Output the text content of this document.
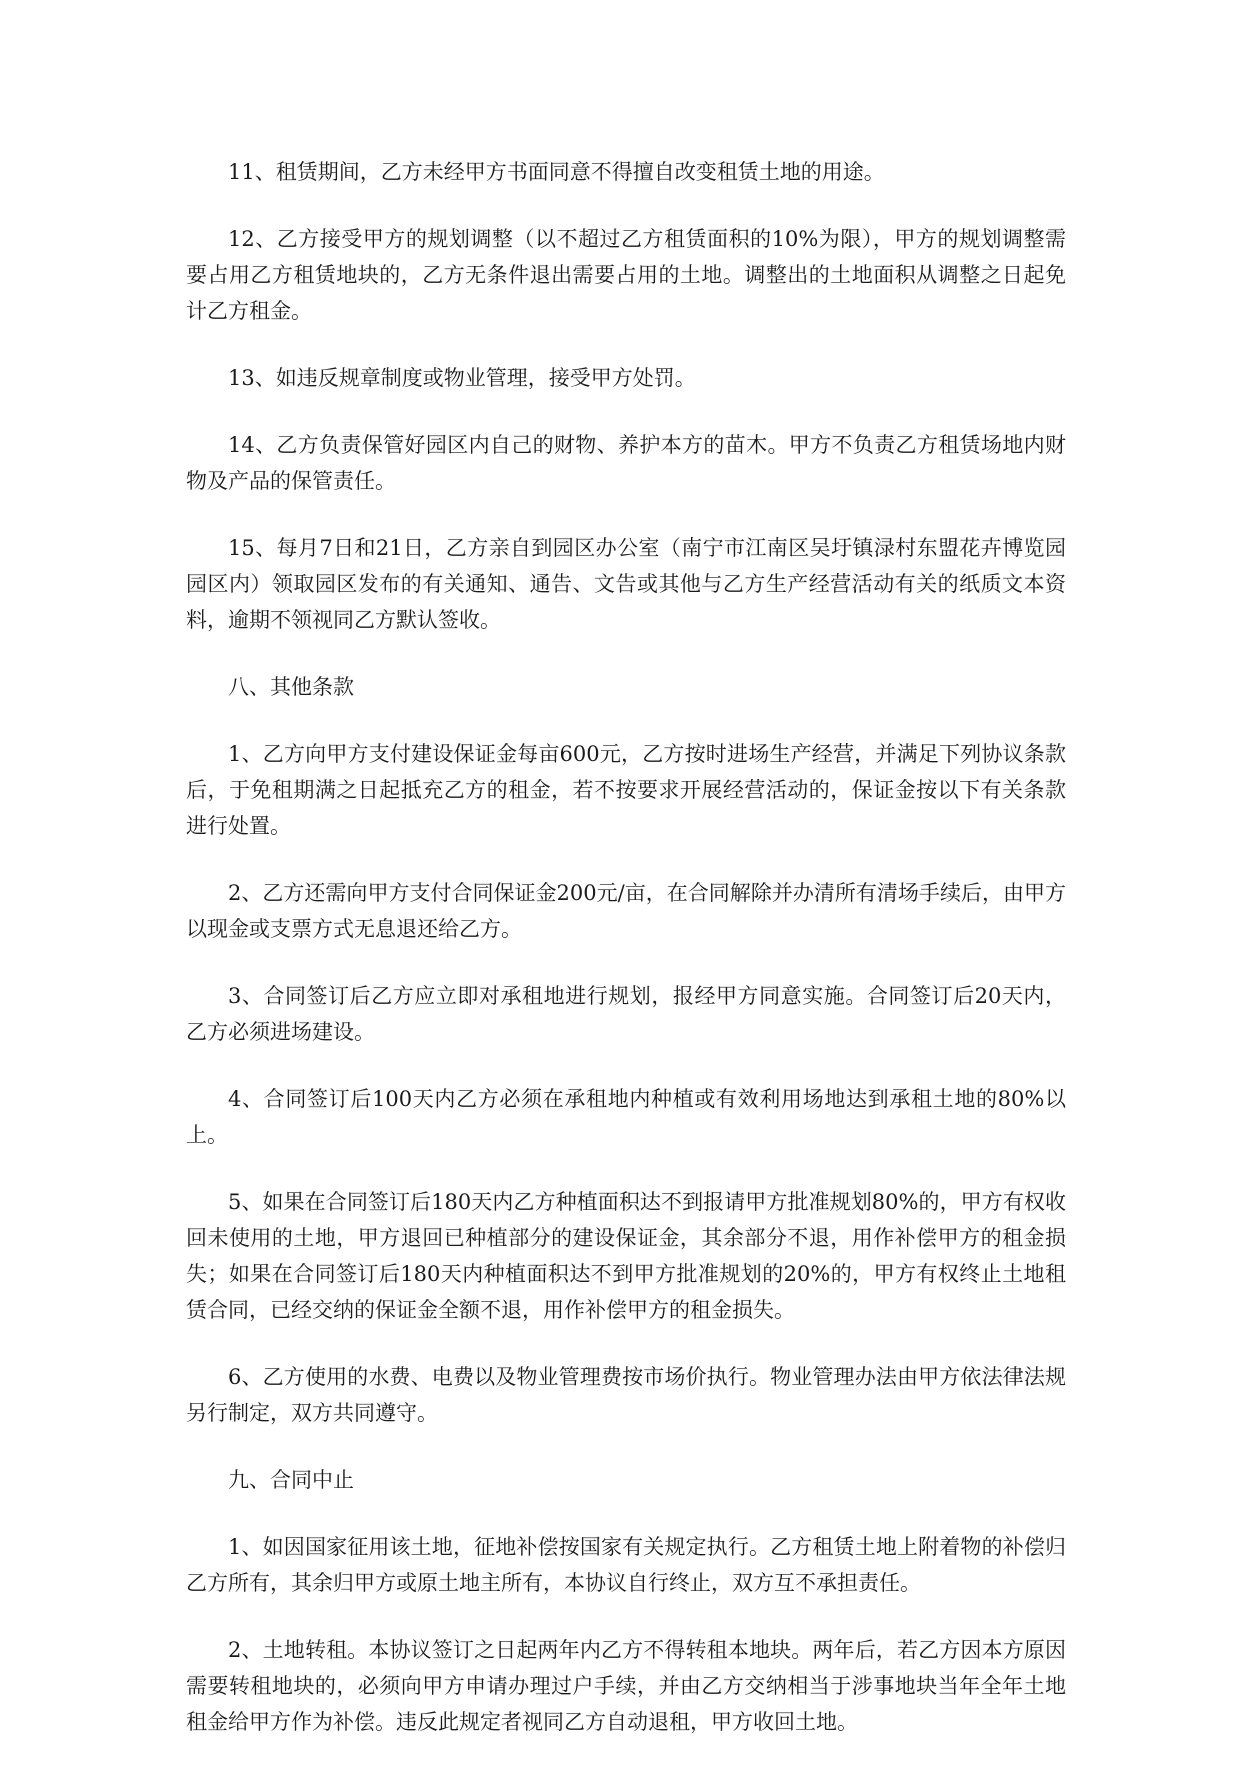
11、租赁期间，乙方未经甲方书面同意不得擅自改变租赁土地的用途。

12、乙方接受甲方的规划调整（以不超过乙方租赁面积的10%为限），甲方的规划调整需要占用乙方租赁地块的，乙方无条件退出需要占用的土地。调整出的土地面积从调整之日起免计乙方租金。

13、如违反规章制度或物业管理，接受甲方处罚。

14、乙方负责保管好园区内自己的财物、养护本方的苗木。甲方不负责乙方租赁场地内财物及产品的保管责任。

15、每月7日和21日，乙方亲自到园区办公室（南宁市江南区吴圩镇渌村东盟花卉博览园园区内）领取园区发布的有关通知、通告、文告或其他与乙方生产经营活动有关的纸质文本资料，逾期不领视同乙方默认签收。

八、其他条款

1、乙方向甲方支付建设保证金每亩600元，乙方按时进场生产经营，并满足下列协议条款后，于免租期满之日起抵充乙方的租金，若不按要求开展经营活动的，保证金按以下有关条款进行处置。

2、乙方还需向甲方支付合同保证金200元/亩，在合同解除并办清所有清场手续后，由甲方以现金或支票方式无息退还给乙方。

3、合同签订后乙方应立即对承租地进行规划，报经甲方同意实施。合同签订后20天内，乙方必须进场建设。

4、合同签订后100天内乙方必须在承租地内种植或有效利用场地达到承租土地的80%以上。

5、如果在合同签订后180天内乙方种植面积达不到报请甲方批准规划80%的，甲方有权收回未使用的土地，甲方退回已种植部分的建设保证金，其余部分不退，用作补偿甲方的租金损失；如果在合同签订后180天内种植面积达不到甲方批准规划的20%的，甲方有权终止土地租赁合同，已经交纳的保证金全额不退，用作补偿甲方的租金损失。

6、乙方使用的水费、电费以及物业管理费按市场价执行。物业管理办法由甲方依法律法规另行制定，双方共同遵守。

九、合同中止

1、如因国家征用该土地，征地补偿按国家有关规定执行。乙方租赁土地上附着物的补偿归乙方所有，其余归甲方或原土地主所有，本协议自行终止，双方互不承担责任。

2、土地转租。本协议签订之日起两年内乙方不得转租本地块。两年后，若乙方因本方原因需要转租地块的，必须向甲方申请办理过户手续，并由乙方交纳相当于涉事地块当年全年土地租金给甲方作为补偿。违反此规定者视同乙方自动退租，甲方收回土地。
